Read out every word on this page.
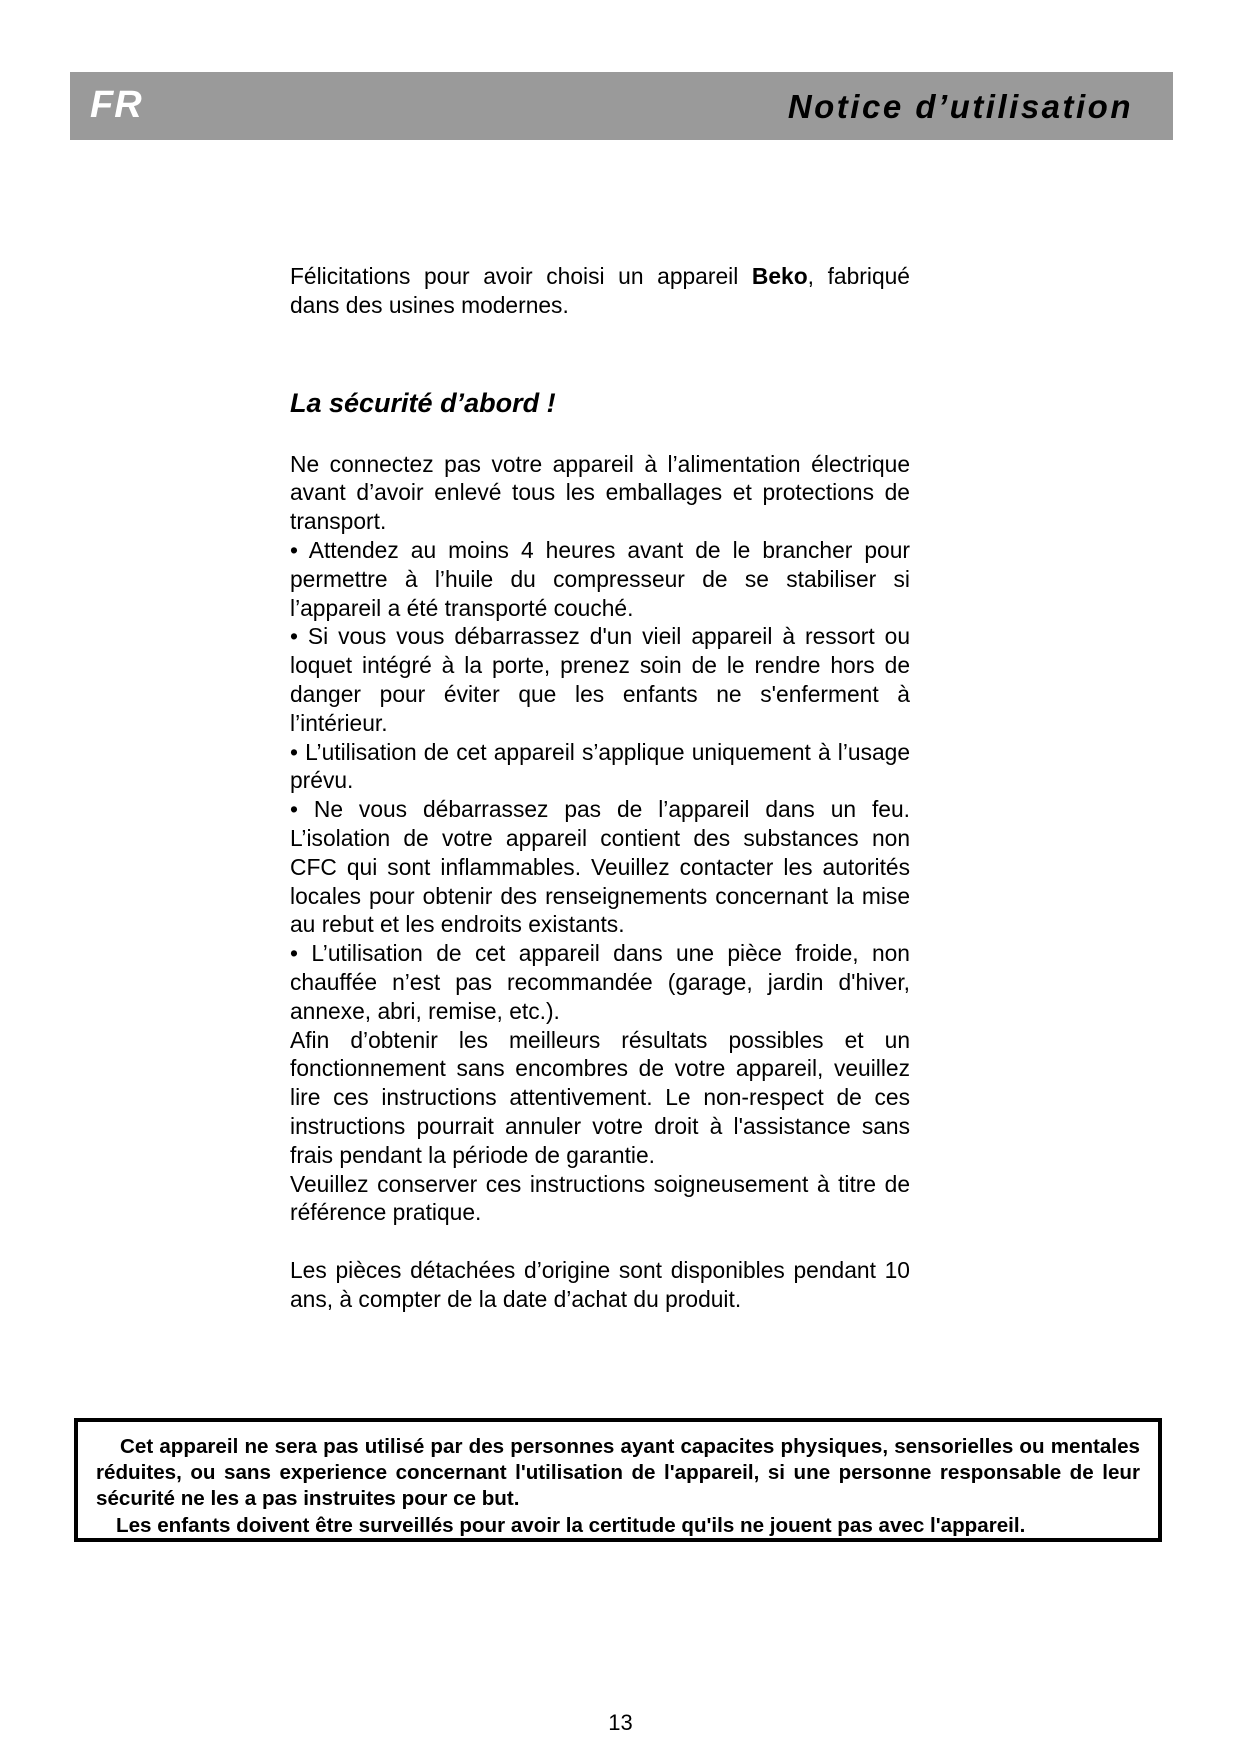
FR	Notice d’utilisation

Félicitations pour avoir choisi un appareil Beko, fabriqué dans des usines modernes.

La sécurité d’abord !

Ne connectez pas votre appareil à l’alimentation électrique avant d’avoir enlevé tous les emballages et protections de transport.

• Attendez au moins 4 heures avant de le brancher pour permettre à l’huile du compresseur de se stabiliser si l’appareil a été transporté couché.

• Si vous vous débarrassez d'un vieil appareil à ressort ou loquet intégré à la porte, prenez soin de le rendre hors de danger pour éviter que les enfants ne s'enferment à l’intérieur.

• L’utilisation de cet appareil s’applique uniquement à l’usage prévu.

• Ne vous débarrassez pas de l’appareil dans un feu. L’isolation de votre appareil contient des substances non CFC qui sont inflammables. Veuillez contacter les autorités locales pour obtenir des renseignements concernant la mise au rebut et les endroits existants.

• L’utilisation de cet appareil dans une pièce froide, non chauffée n’est pas recommandée (garage, jardin d'hiver, annexe, abri, remise, etc.).

Afin d’obtenir les meilleurs résultats possibles et un fonctionnement sans encombres de votre appareil, veuillez lire ces instructions attentivement. Le non-respect de ces instructions pourrait annuler votre droit à l'assistance sans frais pendant la période de garantie.

Veuillez conserver ces instructions soigneusement à titre de référence pratique.

Les pièces détachées d’origine sont disponibles pendant 10 ans, à compter de la date d’achat du produit.

Cet appareil ne sera pas utilisé par des personnes ayant capacites physiques, sensorielles ou mentales réduites, ou sans experience concernant l'utilisation de l'appareil, si une personne responsable de leur sécurité ne les a pas instruites pour ce but.

Les enfants doivent être surveillés pour avoir la certitude qu'ils ne jouent pas avec l'appareil.

13
